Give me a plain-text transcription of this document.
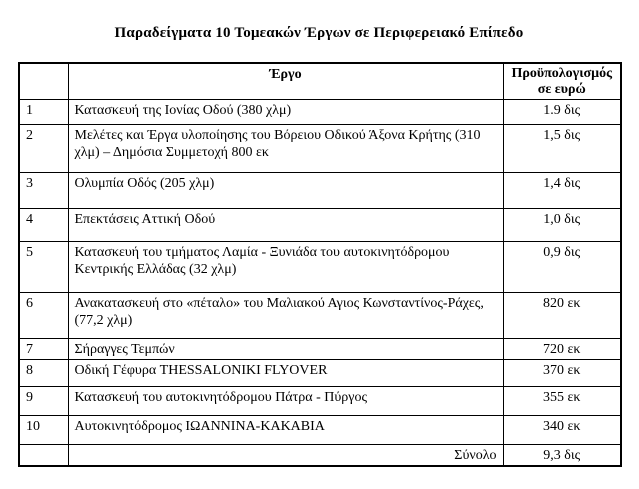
Παραδείγματα 10 Τομεακών Έργων σε Περιφερειακό Επίπεδο
	Έργο	Προϋπολογισμός σε ευρώ
1	Κατασκευή της Ιονίας Οδού (380 χλμ)	1.9 δις
2	Μελέτες και Έργα υλοποίησης του Βόρειου Οδικού Άξονα Κρήτης (310 χλμ) – Δημόσια Συμμετοχή 800 εκ	1,5 δις
3	Ολυμπία Οδός (205 χλμ)	1,4 δις
4	Επεκτάσεις Αττική Οδού	1,0 δις
5	Κατασκευή του τμήματος Λαμία - Ξυνιάδα του αυτοκινητόδρομου Κεντρικής Ελλάδας (32 χλμ)	0,9 δις
6	Ανακατασκευή στο «πέταλο» του Μαλιακού Αγιος Κωνσταντίνος-Ράχες, (77,2 χλμ)	820 εκ
7	Σήραγγες Τεμπών	720 εκ
8	Οδική Γέφυρα THESSALONIKI FLYOVER	370 εκ
9	Κατασκευή του αυτοκινητόδρομου Πάτρα - Πύργος	355 εκ
10	Αυτοκινητόδρομος ΙΩΑΝΝΙΝΑ-ΚΑΚΑΒΙΑ	340 εκ
	Σύνολο	9,3 δις
